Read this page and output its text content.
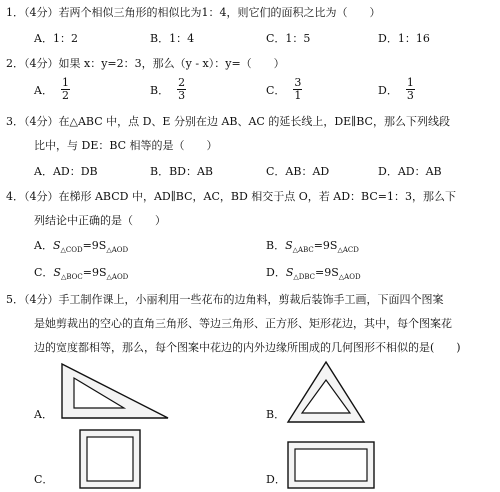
1．（4分）若两个相似三角形的相似比为1：4，则它们的面积之比为（　　）
A．1：2	B．1：4	C．1：5	D．1：16
2．（4分）如果 x：y=2：3，那么（y - x）：y=（　　）
A． $\frac{1}{2}$	B． $\frac{2}{3}$	C． $\frac{3}{1}$	D． $\frac{1}{3}$
3．（4分）在△ABC 中，点 D、E 分别在边 AB、AC 的延长线上，DE∥BC，那么下列线段
比中，与 DE：BC 相等的是（　　）
A．AD：DB	B．BD：AB	C．AB：AD	D．AD：AB
4．（4分）在梯形 ABCD 中，AD∥BC，AC，BD 相交于点 O，若 AD：BC=1：3，那么下
列结论中正确的是（　　）
A．$S_{\triangle COD}=9S_{\triangle AOD}$	B．$S_{\triangle ABC}=9S_{\triangle ACD}$
C．$S_{\triangle BOC}=9S_{\triangle AOD}$	D．$S_{\triangle DBC}=9S_{\triangle AOD}$
5．（4分）手工制作课上，小丽利用一些花布的边角料，剪裁后装饰手工画，下面四个图案
是她剪裁出的空心的直角三角形、等边三角形、正方形、矩形花边，其中，每个图案花
边的宽度都相等，那么，每个图案中花边的内外边缘所围成的几何图形不相似的是(　　)
A．	B．
C．	D．
